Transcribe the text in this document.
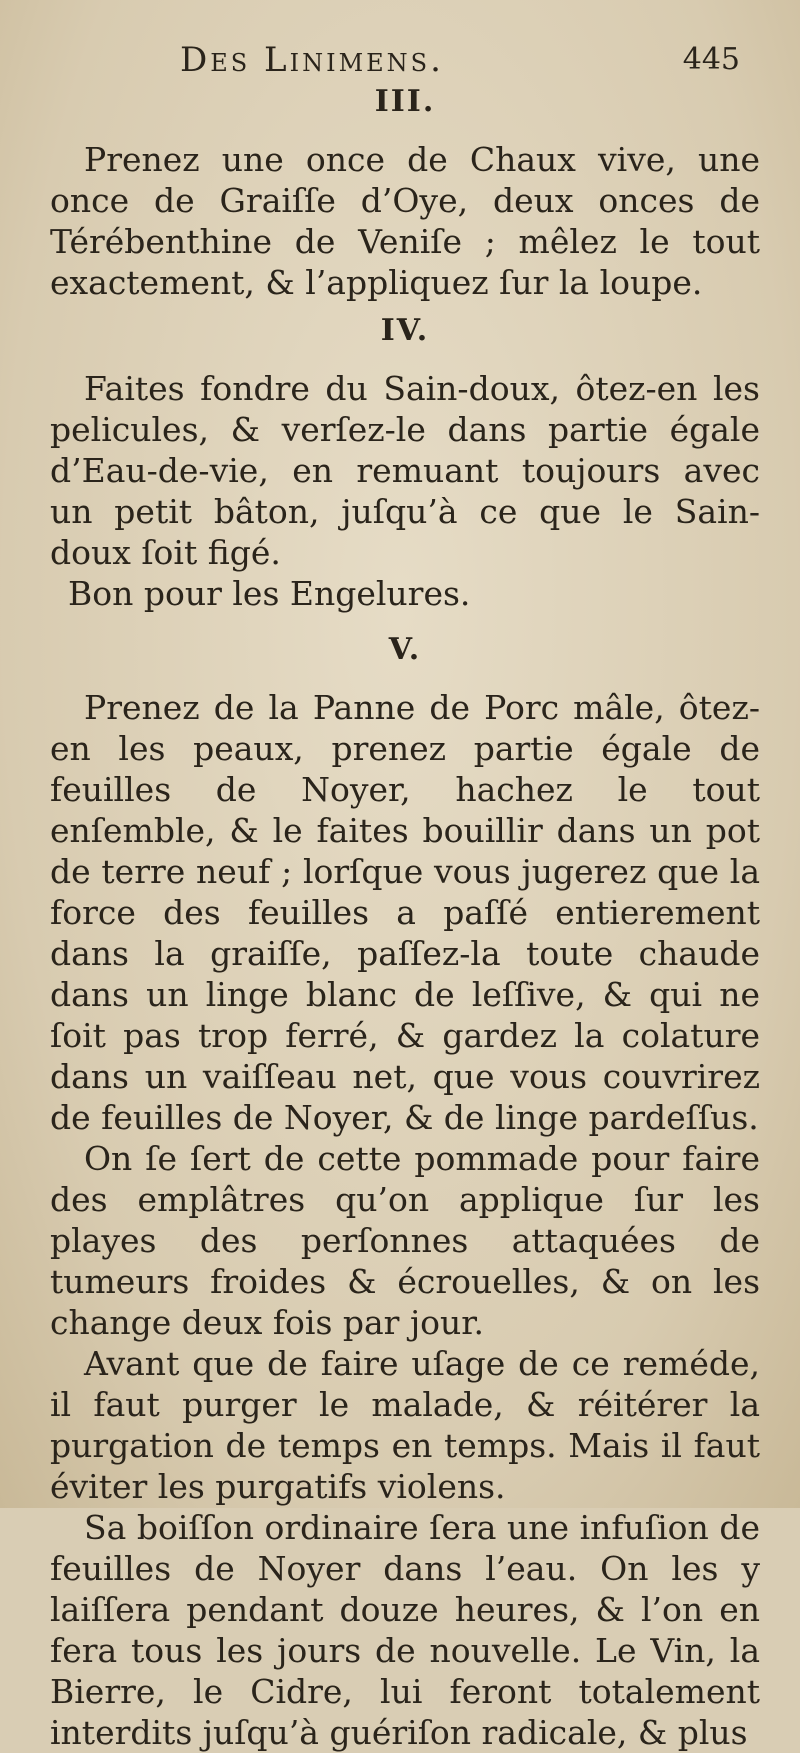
Des Linimens.	445
III.

Prenez une once de Chaux vive, une once de Graiſſe d’Oye, deux onces de Térébenthine de Veniſe ; mêlez le tout exactement, & l’appliquez ſur la loupe.

IV.

Faites fondre du Sain-doux, ôtez-en les pelicules, & verſez-le dans partie égale d’Eau-de-vie, en remuant toujours avec un petit bâton, juſqu’à ce que le Sain-doux ſoit figé.

Bon pour les Engelures.

V.

Prenez de la Panne de Porc mâle, ôtez-en les peaux, prenez partie égale de feuilles de Noyer, hachez le tout enſemble, & le faites bouillir dans un pot de terre neuf ; lorſque vous jugerez que la force des feuilles a paſſé entierement dans la graiſſe, paſſez-la toute chaude dans un linge blanc de leſſive, & qui ne ſoit pas trop ferré, & gardez la colature dans un vaiſſeau net, que vous couvrirez de feuilles de Noyer, & de linge pardeſſus.

On ſe ſert de cette pommade pour faire des emplâtres qu’on applique ſur les playes des perſonnes attaquées de tumeurs froides & écrouelles, & on les change deux fois par jour.

Avant que de faire uſage de ce reméde, il faut purger le malade, & réitérer la purgation de temps en temps. Mais il faut éviter les purgatifs violens.

Sa boiſſon ordinaire ſera une infuſion de feuilles de Noyer dans l’eau. On les y laiſſera pendant douze heures, & l’on en fera tous les jours de nouvelle. Le Vin, la Bierre, le Cidre, lui feront totalement interdits juſqu’à guériſon radicale, & plus
